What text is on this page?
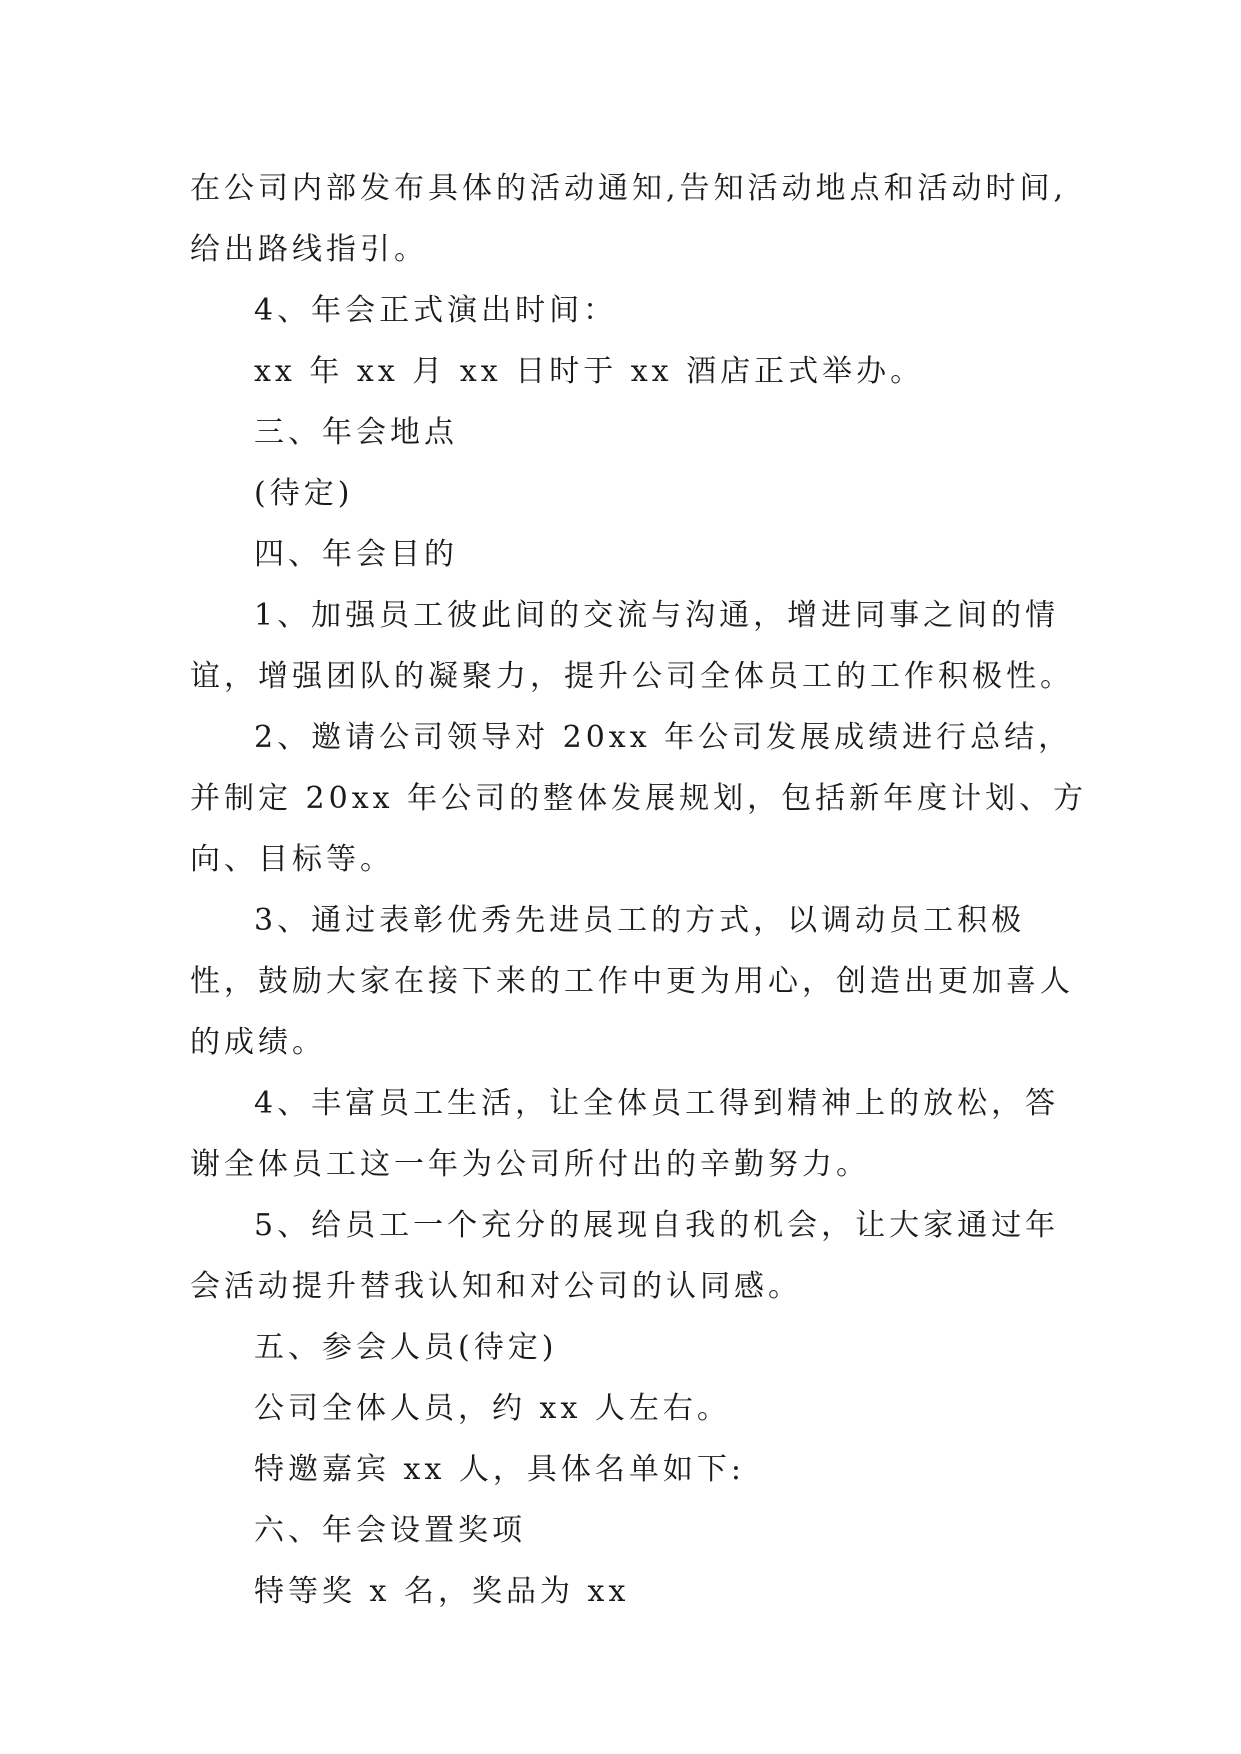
在公司内部发布具体的活动通知,告知活动地点和活动时间,给出路线指引。

4、年会正式演出时间：

xx 年 xx 月 xx 日时于 xx 酒店正式举办。

三、年会地点

(待定)

四、年会目的

1、加强员工彼此间的交流与沟通，增进同事之间的情谊，增强团队的凝聚力，提升公司全体员工的工作积极性。

2、邀请公司领导对 20xx 年公司发展成绩进行总结，并制定 20xx 年公司的整体发展规划，包括新年度计划、方向、目标等。

3、通过表彰优秀先进员工的方式，以调动员工积极性，鼓励大家在接下来的工作中更为用心，创造出更加喜人的成绩。

4、丰富员工生活，让全体员工得到精神上的放松，答谢全体员工这一年为公司所付出的辛勤努力。

5、给员工一个充分的展现自我的机会，让大家通过年会活动提升替我认知和对公司的认同感。

五、参会人员(待定)

公司全体人员，约 xx 人左右。

特邀嘉宾 xx 人，具体名单如下:

六、年会设置奖项

特等奖 x 名，奖品为 xx
